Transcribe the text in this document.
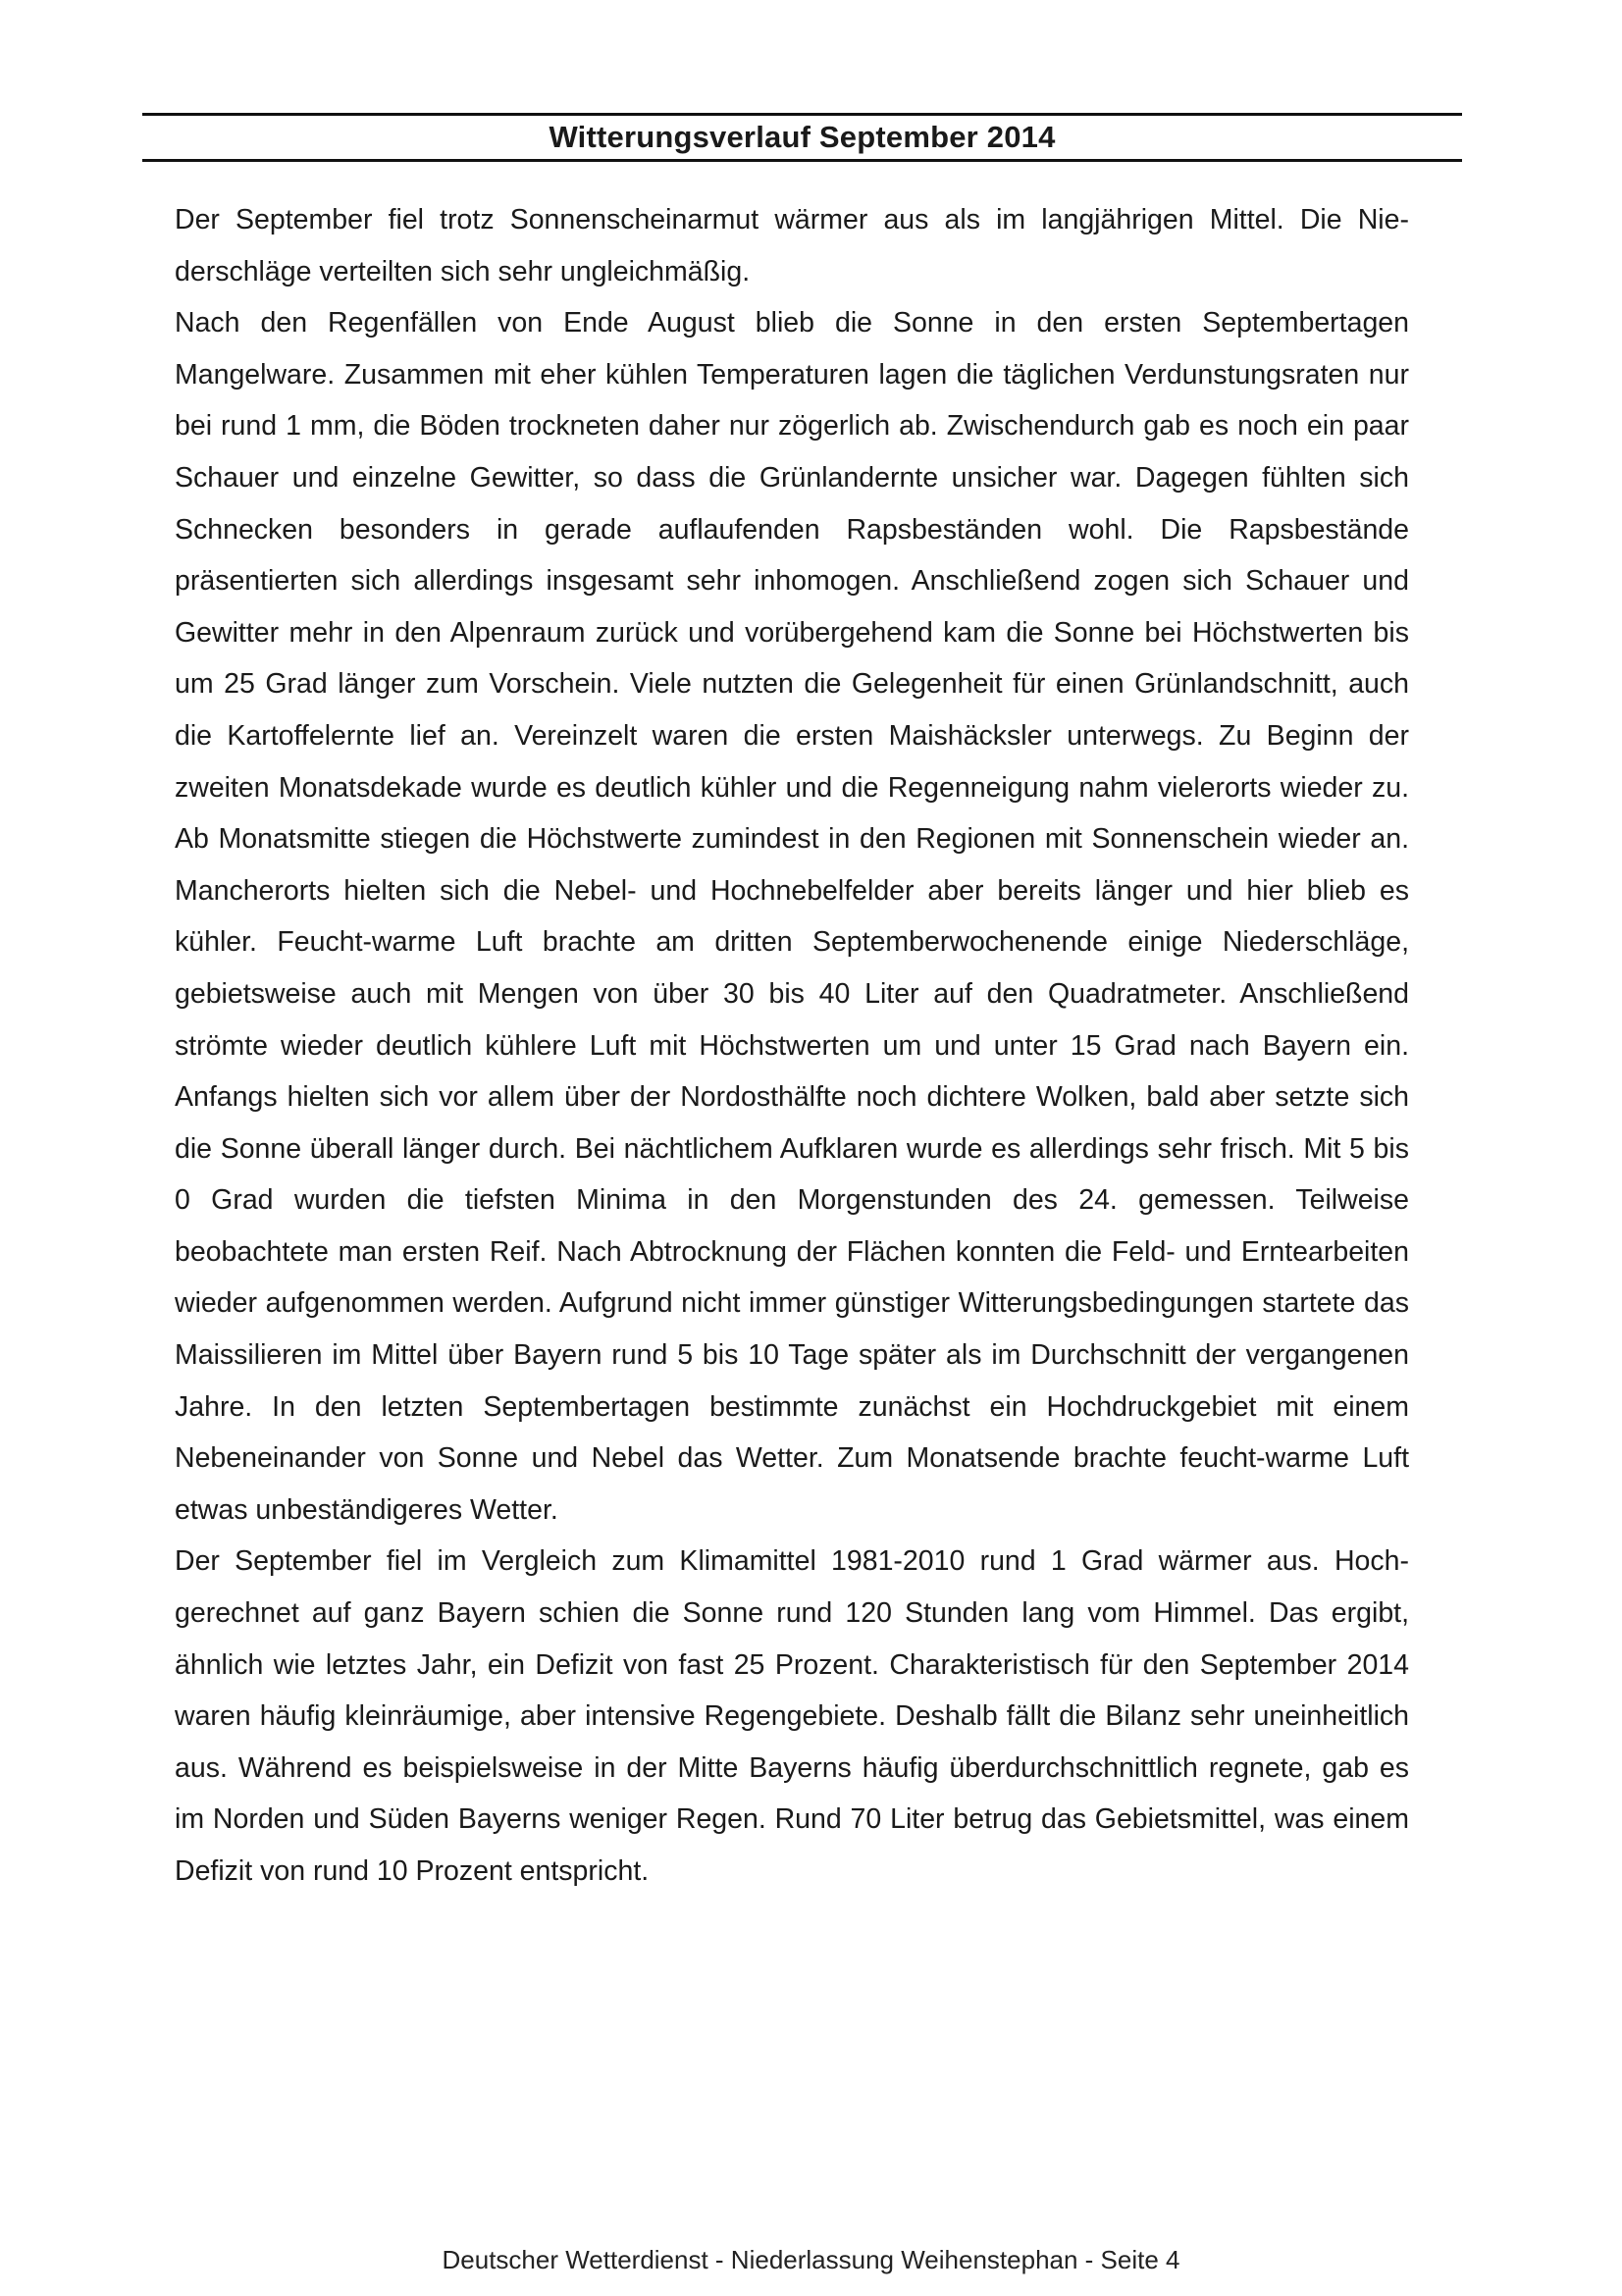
Witterungsverlauf September 2014

Der September fiel trotz Sonnenscheinarmut wärmer aus als im langjährigen Mittel. Die Niederschläge verteilten sich sehr ungleichmäßig.

Nach den Regenfällen von Ende August blieb die Sonne in den ersten Septembertagen Mangelware. Zusammen mit eher kühlen Temperaturen lagen die täglichen Verdunstungsraten nur bei rund 1 mm, die Böden trockneten daher nur zögerlich ab. Zwischendurch gab es noch ein paar Schauer und einzelne Gewitter, so dass die Grünlandernte unsicher war. Dagegen fühlten sich Schnecken besonders in gerade auflaufenden Rapsbeständen wohl. Die Rapsbestände präsentierten sich allerdings insgesamt sehr inhomogen. Anschließend zogen sich Schauer und Gewitter mehr in den Alpenraum zurück und vorübergehend kam die Sonne bei Höchstwerten bis um 25 Grad länger zum Vorschein. Viele nutzten die Gelegenheit für einen Grünlandschnitt, auch die Kartoffelernte lief an. Vereinzelt waren die ersten Maishäcksler unterwegs. Zu Beginn der zweiten Monatsdekade wurde es deutlich kühler und die Regenneigung nahm vielerorts wieder zu. Ab Monatsmitte stiegen die Höchstwerte zumindest in den Regionen mit Sonnenschein wieder an. Mancherorts hielten sich die Nebel- und Hochnebelfelder aber bereits länger und hier blieb es kühler. Feucht-warme Luft brachte am dritten Septemberwochenende einige Niederschläge, gebietsweise auch mit Mengen von über 30 bis 40 Liter auf den Quadratmeter. Anschließend strömte wieder deutlich kühlere Luft mit Höchstwerten um und unter 15 Grad nach Bayern ein. Anfangs hielten sich vor allem über der Nordosthälfte noch dichtere Wolken, bald aber setzte sich die Sonne überall länger durch. Bei nächtlichem Aufklaren wurde es allerdings sehr frisch. Mit 5 bis 0 Grad wurden die tiefsten Minima in den Morgenstunden des 24. gemessen. Teilweise beobachtete man ersten Reif. Nach Abtrocknung der Flächen konnten die Feld- und Erntearbeiten wieder aufgenommen werden. Aufgrund nicht immer günstiger Witterungsbedingungen startete das Maissilieren im Mittel über Bayern rund 5 bis 10 Tage später als im Durchschnitt der vergangenen Jahre. In den letzten Septembertagen bestimmte zunächst ein Hochdruckgebiet mit einem Nebeneinander von Sonne und Nebel das Wetter. Zum Monatsende brachte feucht-warme Luft etwas unbeständigeres Wetter.

Der September fiel im Vergleich zum Klimamittel 1981-2010 rund 1 Grad wärmer aus. Hochgerechnet auf ganz Bayern schien die Sonne rund 120 Stunden lang vom Himmel. Das ergibt, ähnlich wie letztes Jahr, ein Defizit von fast 25 Prozent. Charakteristisch für den September 2014 waren häufig kleinräumige, aber intensive Regengebiete. Deshalb fällt die Bilanz sehr uneinheitlich aus. Während es beispielsweise in der Mitte Bayerns häufig überdurchschnittlich regnete, gab es im Norden und Süden Bayerns weniger Regen. Rund 70 Liter betrug das Gebietsmittel, was einem Defizit von rund 10 Prozent entspricht.

Deutscher Wetterdienst - Niederlassung Weihenstephan - Seite 4
